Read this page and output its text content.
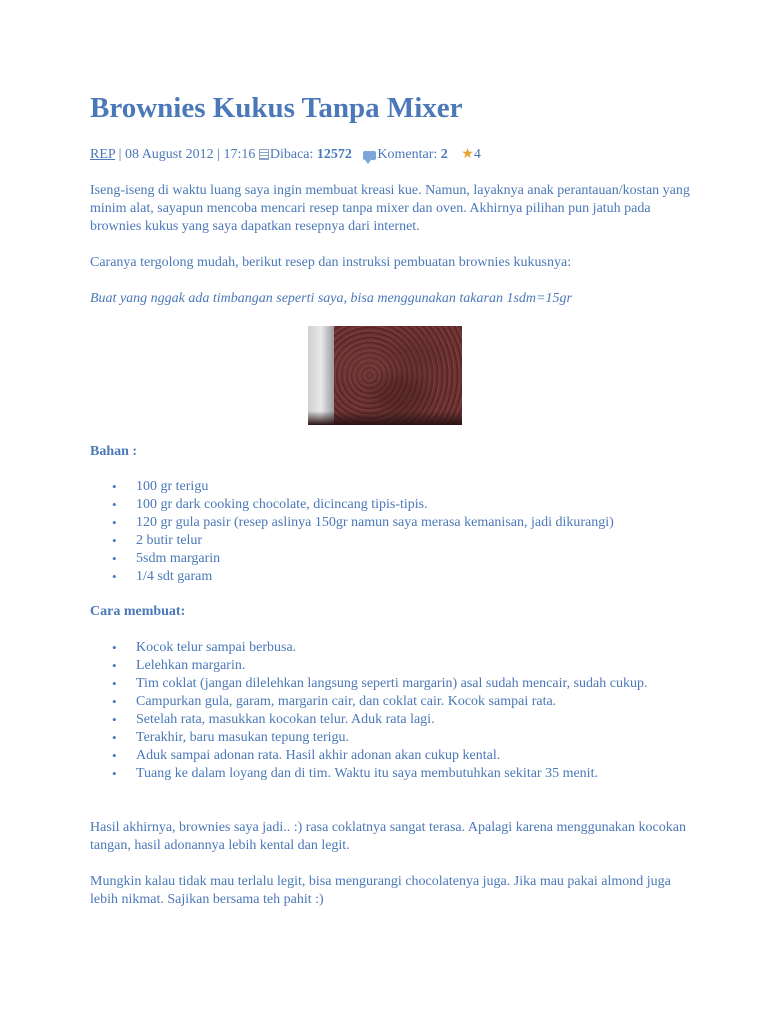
Brownies Kukus Tanpa Mixer
REP | 08 August 2012 | 17:16 Dibaca: 12572 Komentar: 2 ★4

Iseng-iseng di waktu luang saya ingin membuat kreasi kue. Namun, layaknya anak perantauan/kostan yang minim alat, sayapun mencoba mencari resep tanpa mixer dan oven. Akhirnya pilihan pun jatuh pada brownies kukus yang saya dapatkan resepnya dari internet.

Caranya tergolong mudah, berikut resep dan instruksi pembuatan brownies kukusnya:

Buat yang nggak ada timbangan seperti saya, bisa menggunakan takaran 1sdm=15gr

Bahan :

• 100 gr terigu
• 100 gr dark cooking chocolate, dicincang tipis-tipis.
• 120 gr gula pasir (resep aslinya 150gr namun saya merasa kemanisan, jadi dikurangi)
• 2 butir telur
• 5sdm margarin
• 1/4 sdt garam

Cara membuat:

• Kocok telur sampai berbusa.
• Lelehkan margarin.
• Tim coklat (jangan dilelehkan langsung seperti margarin) asal sudah mencair, sudah cukup.
• Campurkan gula, garam, margarin cair, dan coklat cair. Kocok sampai rata.
• Setelah rata, masukkan kocokan telur. Aduk rata lagi.
• Terakhir, baru masukan tepung terigu.
• Aduk sampai adonan rata. Hasil akhir adonan akan cukup kental.
• Tuang ke dalam loyang dan di tim. Waktu itu saya membutuhkan sekitar 35 menit.

Hasil akhirnya, brownies saya jadi.. :) rasa coklatnya sangat terasa. Apalagi karena menggunakan kocokan tangan, hasil adonannya lebih kental dan legit.

Mungkin kalau tidak mau terlalu legit, bisa mengurangi chocolatenya juga. Jika mau pakai almond juga lebih nikmat. Sajikan bersama teh pahit :)
